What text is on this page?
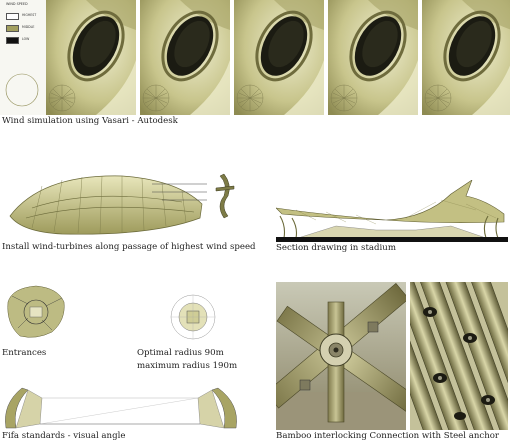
WIND SPEED
HIGHEST
MIDDLE
LOW
Wind simulation using Vasari - Autodesk
Install wind-turbines along passage of highest wind speed Section drawing in stadium
Entrances	Optimal radius 90m
maximum radius 190m
Fifa standards - visual angle	Bamboo interlocking Connection with Steel anchor
